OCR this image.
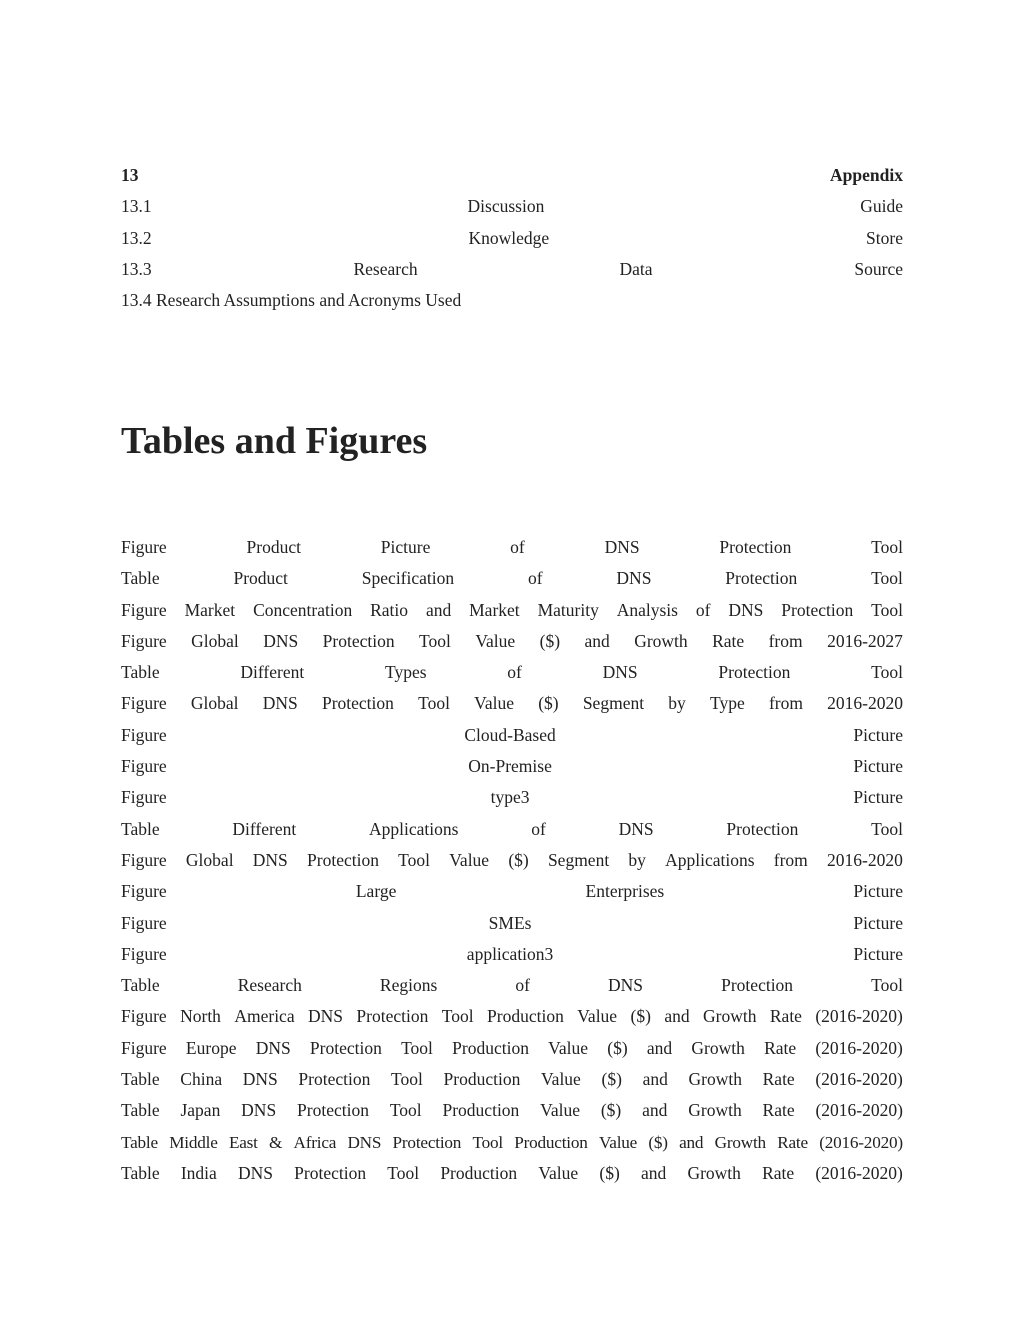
13	Appendix
13.1	Discussion	Guide
13.2	Knowledge	Store
13.3	Research	Data	Source
13.4 Research Assumptions and Acronyms Used
Tables and Figures
Figure	Product	Picture	of	DNS	Protection	Tool
Table	Product	Specification	of	DNS	Protection	Tool
Figure Market Concentration Ratio and Market Maturity Analysis of DNS Protection Tool
Figure Global DNS Protection Tool Value ($) and Growth Rate from 2016-2027
Table	Different	Types	of	DNS	Protection	Tool
Figure Global DNS Protection Tool Value ($) Segment by Type from 2016-2020
Figure	Cloud-Based	Picture
Figure	On-Premise	Picture
Figure	type3	Picture
Table	Different	Applications	of	DNS	Protection	Tool
Figure Global DNS Protection Tool Value ($) Segment by Applications from 2016-2020
Figure	Large	Enterprises	Picture
Figure	SMEs	Picture
Figure	application3	Picture
Table	Research	Regions	of	DNS	Protection	Tool
Figure North America DNS Protection Tool Production Value ($) and Growth Rate (2016-2020)
Figure Europe DNS Protection Tool Production Value ($) and Growth Rate (2016-2020)
Table China DNS Protection Tool Production Value ($) and Growth Rate (2016-2020)
Table Japan DNS Protection Tool Production Value ($) and Growth Rate (2016-2020)
Table Middle East & Africa DNS Protection Tool Production Value ($) and Growth Rate (2016-2020)
Table India DNS Protection Tool Production Value ($) and Growth Rate (2016-2020)
